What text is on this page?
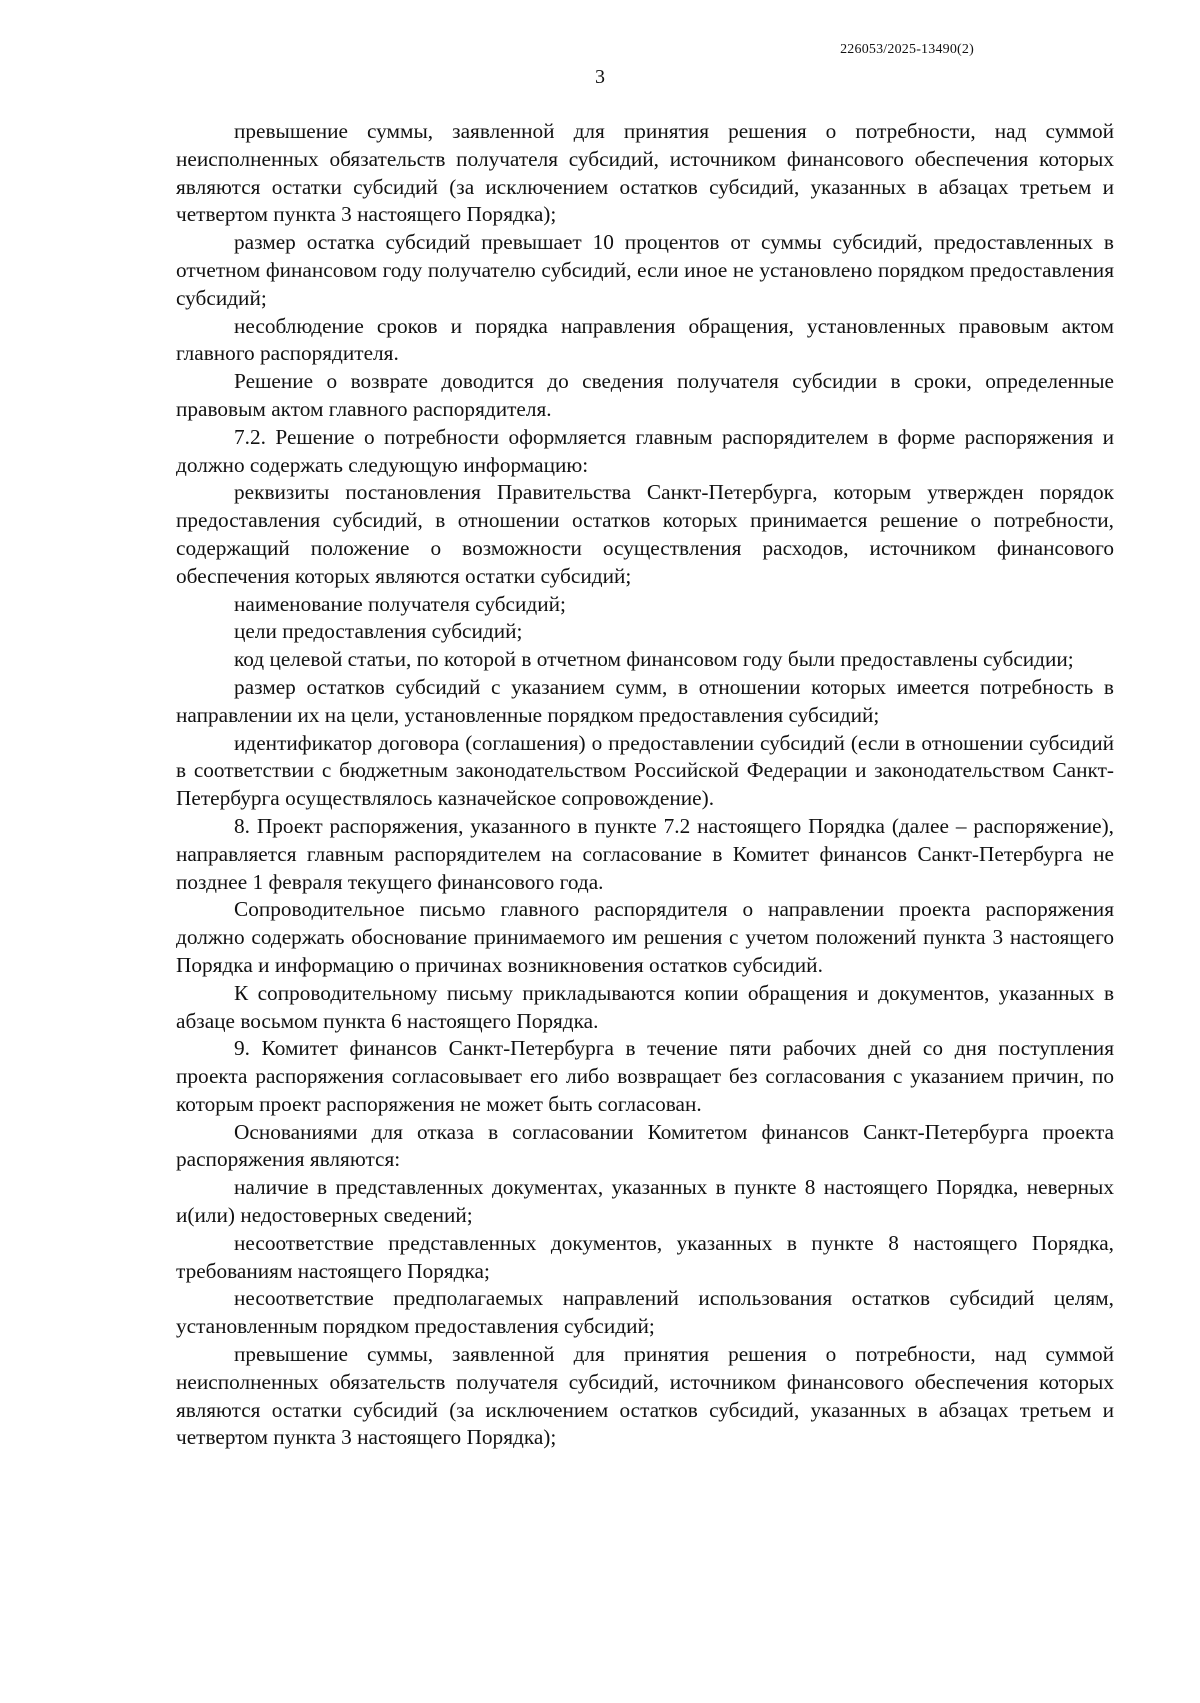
226053/2025-13490(2)
3

превышение суммы, заявленной для принятия решения о потребности, над суммой неисполненных обязательств получателя субсидий, источником финансового обеспечения которых являются остатки субсидий (за исключением остатков субсидий, указанных в абзацах третьем и четвертом пункта 3 настоящего Порядка);

размер остатка субсидий превышает 10 процентов от суммы субсидий, предоставленных в отчетном финансовом году получателю субсидий, если иное не установлено порядком предоставления субсидий;

несоблюдение сроков и порядка направления обращения, установленных правовым актом главного распорядителя.

Решение о возврате доводится до сведения получателя субсидии в сроки, определенные правовым актом главного распорядителя.

7.2. Решение о потребности оформляется главным распорядителем в форме распоряжения и должно содержать следующую информацию:

реквизиты постановления Правительства Санкт-Петербурга, которым утвержден порядок предоставления субсидий, в отношении остатков которых принимается решение о потребности, содержащий положение о возможности осуществления расходов, источником финансового обеспечения которых являются остатки субсидий;

наименование получателя субсидий;

цели предоставления субсидий;

код целевой статьи, по которой в отчетном финансовом году были предоставлены субсидии;

размер остатков субсидий с указанием сумм, в отношении которых имеется потребность в направлении их на цели, установленные порядком предоставления субсидий;

идентификатор договора (соглашения) о предоставлении субсидий (если в отношении субсидий в соответствии с бюджетным законодательством Российской Федерации и законодательством Санкт-Петербурга осуществлялось казначейское сопровождение).

8. Проект распоряжения, указанного в пункте 7.2 настоящего Порядка (далее – распоряжение), направляется главным распорядителем на согласование в Комитет финансов Санкт-Петербурга не позднее 1 февраля текущего финансового года.

Сопроводительное письмо главного распорядителя о направлении проекта распоряжения должно содержать обоснование принимаемого им решения с учетом положений пункта 3 настоящего Порядка и информацию о причинах возникновения остатков субсидий.

К сопроводительному письму прикладываются копии обращения и документов, указанных в абзаце восьмом пункта 6 настоящего Порядка.

9. Комитет финансов Санкт-Петербурга в течение пяти рабочих дней со дня поступления проекта распоряжения согласовывает его либо возвращает без согласования с указанием причин, по которым проект распоряжения не может быть согласован.

Основаниями для отказа в согласовании Комитетом финансов Санкт-Петербурга проекта распоряжения являются:

наличие в представленных документах, указанных в пункте 8 настоящего Порядка, неверных и(или) недостоверных сведений;

несоответствие представленных документов, указанных в пункте 8 настоящего Порядка, требованиям настоящего Порядка;

несоответствие предполагаемых направлений использования остатков субсидий целям, установленным порядком предоставления субсидий;

превышение суммы, заявленной для принятия решения о потребности, над суммой неисполненных обязательств получателя субсидий, источником финансового обеспечения которых являются остатки субсидий (за исключением остатков субсидий, указанных в абзацах третьем и четвертом пункта 3 настоящего Порядка);
